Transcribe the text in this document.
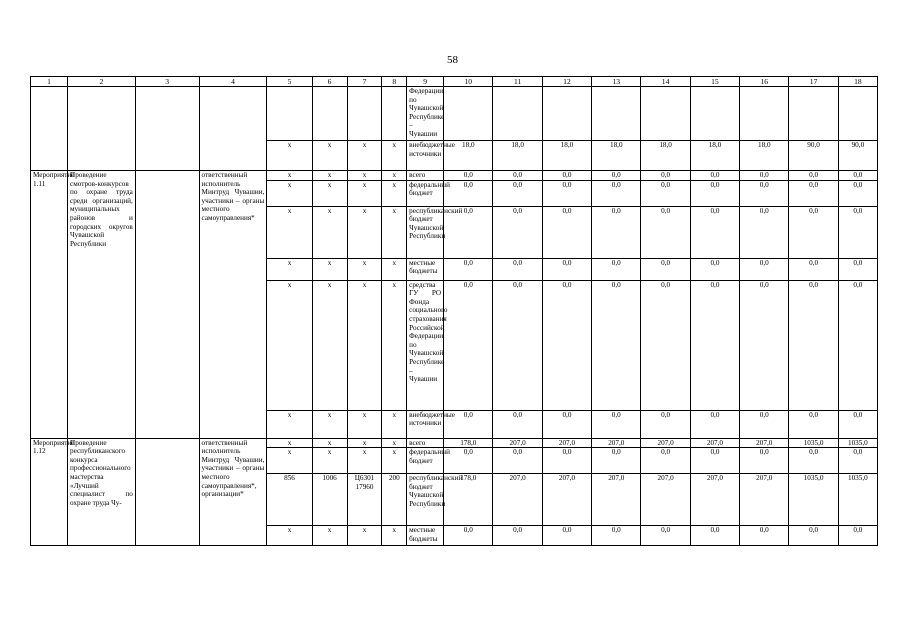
58
1	2	3	4	5	6	7	8	9	10	11	12	13	14	15	16	17	18
								Федерации по Чувашской Республике – Чувашии									
				x	x	x	x	внебюджетные источники	18,0	18,0	18,0	18,0	18,0	18,0	18,0	90,0	90,0
Мероприятие 1.11	Проведение смотров-конкурсов по охране труда среди организаций, муниципальных районов и городских округов Чувашской Республики		ответственный исполнитель Минтруд Чувашии, участники – органы местного самоуправления*	x	x	x	x	всего	0,0	0,0	0,0	0,0	0,0	0,0	0,0	0,0	0,0
				x	x	x	x	федеральный бюджет	0,0	0,0	0,0	0,0	0,0	0,0	0,0	0,0	0,0
				x	x	x	x	республиканский бюджет Чувашской Республики	0,0	0,0	0,0	0,0	0,0	0,0	0,0	0,0	0,0
				x	x	x	x	местные бюджеты	0,0	0,0	0,0	0,0	0,0	0,0	0,0	0,0	0,0
				x	x	x	x	средства ГУ РО Фонда социального страхования Российской Федерации по Чувашской Республике – Чувашии	0,0	0,0	0,0	0,0	0,0	0,0	0,0	0,0	0,0
				x	x	x	x	внебюджетные источники	0,0	0,0	0,0	0,0	0,0	0,0	0,0	0,0	0,0
Мероприятие 1.12	Проведение республиканского конкурса профессионального мастерства «Лучший специалист по охране труда Чу-		ответственный исполнитель Минтруд Чувашии, участники – органы местного самоуправления*, организации*	x	x	x	x	всего	178,0	207,0	207,0	207,0	207,0	207,0	207,0	1035,0	1035,0
				x	x	x	x	федеральный бюджет	0,0	0,0	0,0	0,0	0,0	0,0	0,0	0,0	0,0
				856	1006	Ц6301 17960	200	республиканский бюджет Чувашской Республики	178,0	207,0	207,0	207,0	207,0	207,0	207,0	1035,0	1035,0
				x	x	x	x	местные бюджеты	0,0	0,0	0,0	0,0	0,0	0,0	0,0	0,0	0,0
